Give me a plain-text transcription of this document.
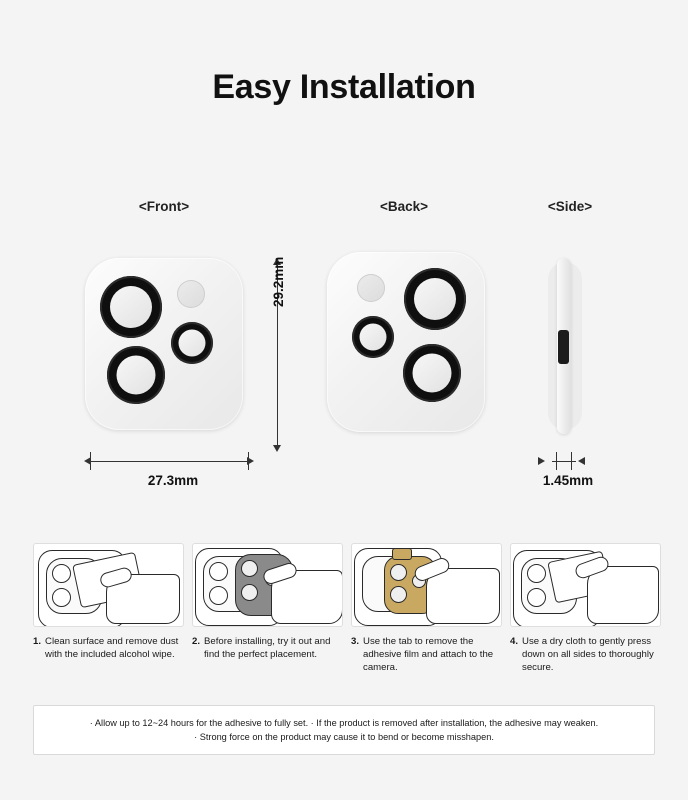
Easy Installation
<Front>	<Back>	<Side>
29.2mm
27.3mm	1.45mm
1. Clean surface and remove dust with the included alcohol wipe.
2. Before installing, try it out and find the perfect placement.
3. Use the tab to remove the adhesive film and attach to the camera.
4. Use a dry cloth to gently press down on all sides to thoroughly secure.
· Allow up to 12~24 hours for the adhesive to fully set. · If the product is removed after installation, the adhesive may weaken.
· Strong force on the product may cause it to bend or become misshapen.
